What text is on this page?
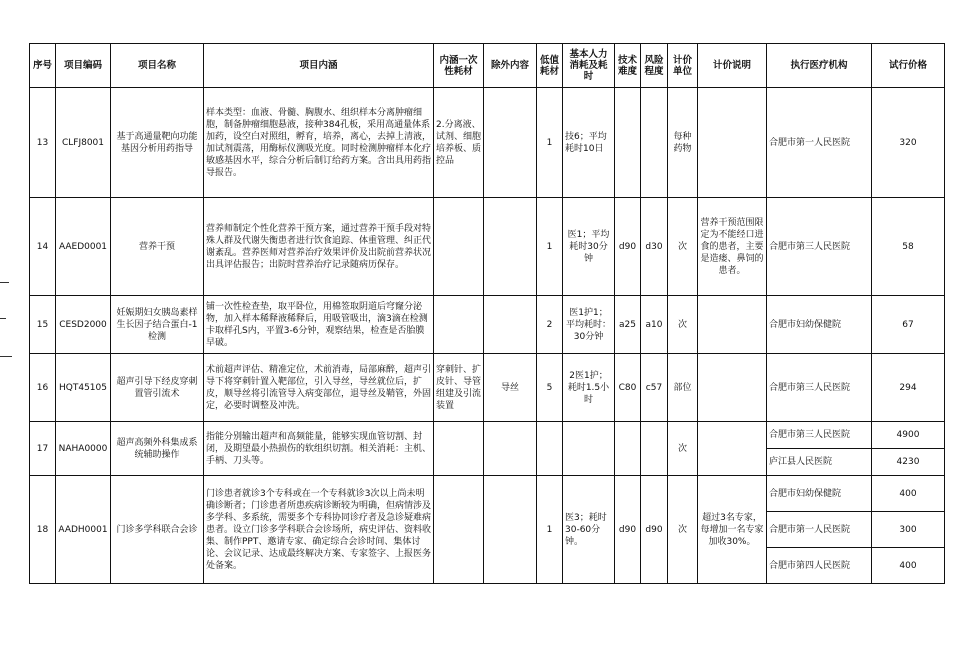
序号	项目编码	项目名称	项目内涵	内涵一次性耗材	除外内容	低值耗材	基本人力消耗及耗时	技术难度	风险程度	计价单位	计价说明	执行医疗机构	试行价格
13	CLFJ8001	基于高通量靶向功能基因分析用药指导	样本类型：血液、骨髓、胸腹水、组织样本分离肿瘤细胞，制备肿瘤细胞悬液，接种384孔板，采用高通量体系加药，设空白对照组，孵育，培养，离心，去掉上清液，加试剂震荡，用酶标仪测吸光度。同时检测肿瘤样本化疗敏感基因水平，综合分析后制订给药方案。含出具用药指导报告。	2.分离液、试剂、细胞培养板、质控品		1	技6；平均耗时10日			每种药物		合肥市第一人民医院	320
14	AAED0001	营养干预	营养师制定个性化营养干预方案，通过营养干预手段对特殊人群及代谢失衡患者进行饮食追踪、体重管理、纠正代谢紊乱。营养医师对营养治疗效果评价及出院前营养状况出具评估报告；出院时营养治疗记录随病历保存。			1	医1；平均耗时30分钟	d90	d30	次	营养干预范围限定为不能经口进食的患者，主要是造瘘、鼻饲的患者。	合肥市第三人民医院	58
15	CESD2000	妊娠期妇女胰岛素样生长因子结合蛋白-1检测	铺一次性检查垫，取平卧位，用棉签取阴道后穹窿分泌物，加入样本稀释液稀释后，用吸管吸出，滴3滴在检测卡取样孔S内，平置3-6分钟，观察结果，检查是否胎膜早破。			2	医1护1；平均耗时：30分钟	a25	a10	次		合肥市妇幼保健院	67
16	HQT45105	超声引导下经皮穿刺置管引流术	术前超声评估、精准定位，术前消毒，局部麻醉，超声引导下将穿刺针置入靶部位，引入导丝，导丝就位后，扩皮，顺导丝将引流管导入病变部位，退导丝及鞘管，外固定，必要时调整及冲洗。	穿刺针、扩皮针、导管组建及引流装置	导丝	5	2医1护；耗时1.5小时	C80	c57	部位		合肥市第三人民医院	294
17	NAHA0000	超声高频外科集成系统辅助操作	指能分别输出超声和高频能量，能够实现血管切割、封闭，及期望最小热损伤的软组织切割。相关消耗：主机、手柄、刀头等。							次		合肥市第三人民医院	4900
												庐江县人民医院	4230
18	AADH0001	门诊多学科联合会诊	门诊患者就诊3个专科或在一个专科就诊3次以上尚未明确诊断者；门诊患者所患疾病诊断较为明确，但病情涉及多学科、多系统，需要多个专科协同诊疗者及急诊疑难病患者。设立门诊多学科联合会诊场所，病史评估、资料收集、制作PPT、邀请专家、确定综合会诊时间、集体讨论、会议记录、达成最终解决方案、专家签字、上报医务处备案。			1	医3；耗时30-60分钟。	d90	d90	次	超过3名专家，每增加一名专家加收30%。	合肥市妇幼保健院	400
												合肥市第一人民医院	300
												合肥市第四人民医院	400
